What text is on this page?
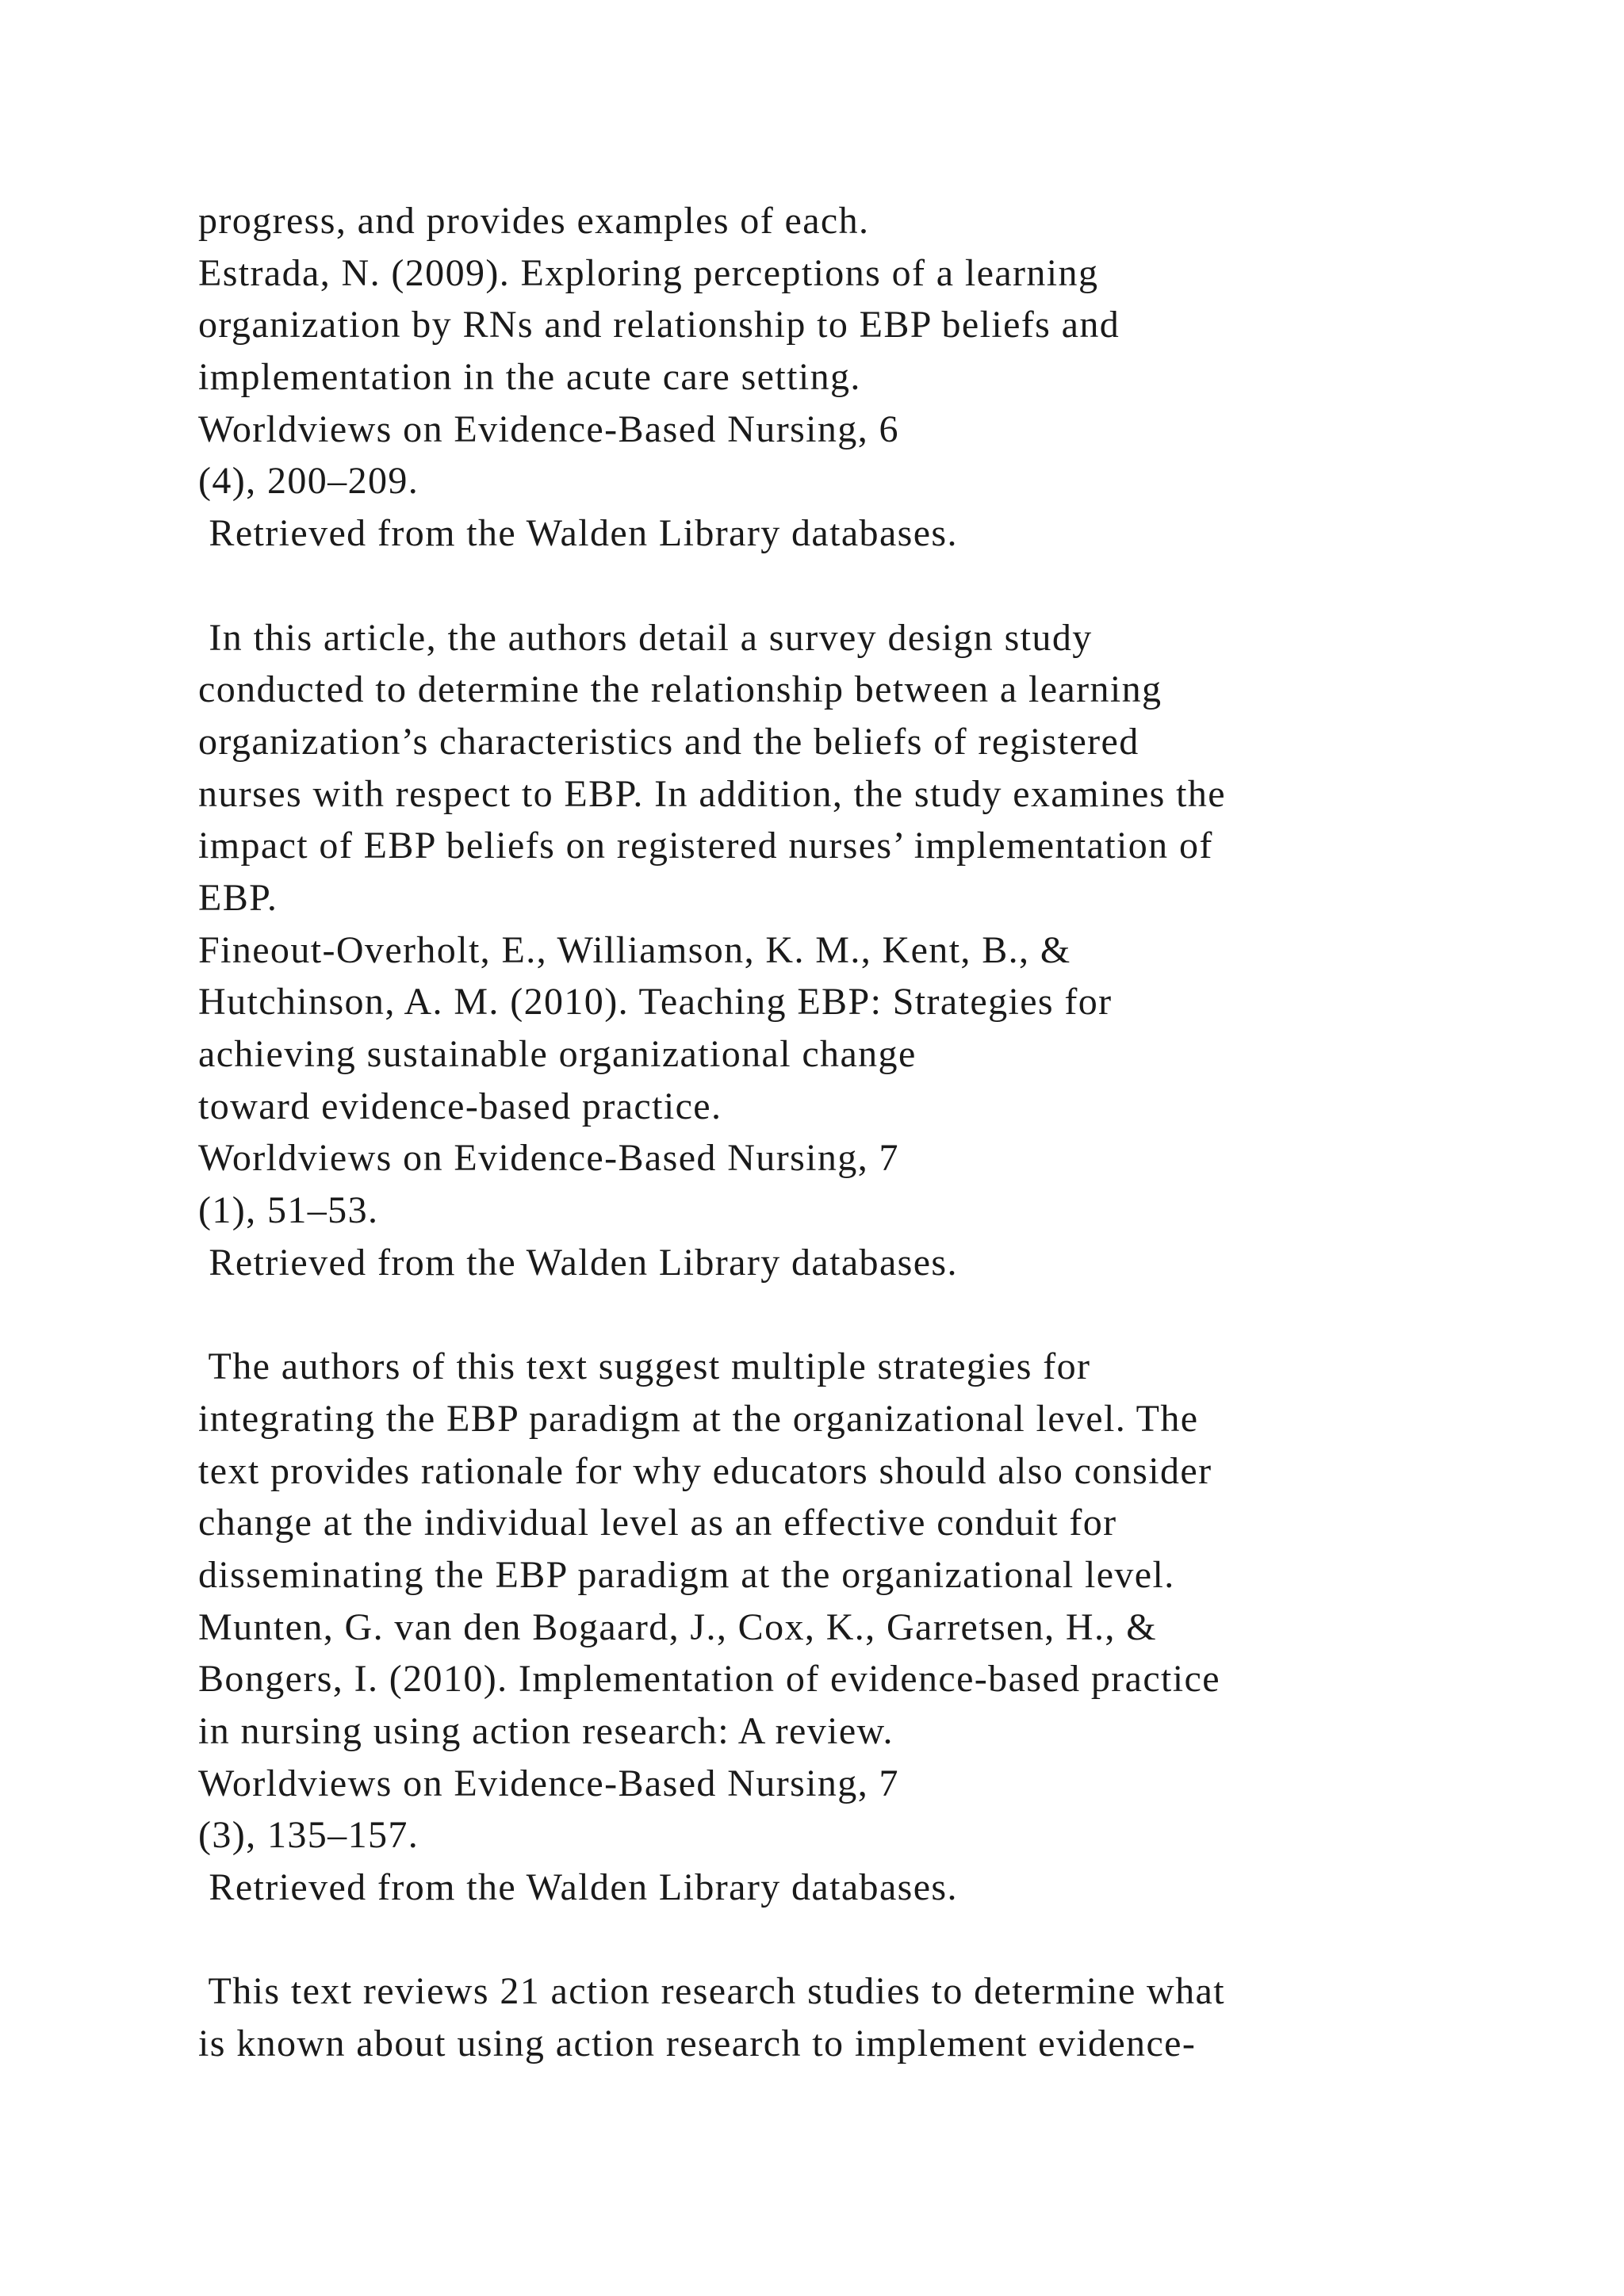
progress, and provides examples of each.
Estrada, N. (2009). Exploring perceptions of a learning
organization by RNs and relationship to EBP beliefs and
implementation in the acute care setting.
Worldviews on Evidence-Based Nursing, 6
(4), 200–209.
Retrieved from the Walden Library databases.
In this article, the authors detail a survey design study
conducted to determine the relationship between a learning
organization’s characteristics and the beliefs of registered
nurses with respect to EBP. In addition, the study examines the
impact of EBP beliefs on registered nurses’ implementation of
EBP.
Fineout-Overholt, E., Williamson, K. M., Kent, B., &
Hutchinson, A. M. (2010). Teaching EBP: Strategies for
achieving sustainable organizational change
toward evidence-based practice.
Worldviews on Evidence-Based Nursing, 7
(1), 51–53.
Retrieved from the Walden Library databases.
The authors of this text suggest multiple strategies for
integrating the EBP paradigm at the organizational level. The
text provides rationale for why educators should also consider
change at the individual level as an effective conduit for
disseminating the EBP paradigm at the organizational level.
Munten, G. van den Bogaard, J., Cox, K., Garretsen, H., &
Bongers, I. (2010). Implementation of evidence-based practice
in nursing using action research: A review.
Worldviews on Evidence-Based Nursing, 7
(3), 135–157.
Retrieved from the Walden Library databases.
This text reviews 21 action research studies to determine what
is known about using action research to implement evidence-
